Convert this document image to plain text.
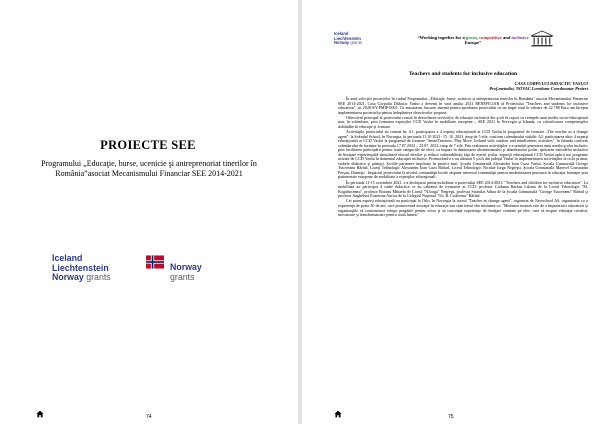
PROIECTE SEE
Programului „Educaţie, burse, ucenicie şi antreprenoriat tinerilor în România”asociat Mecanismului Financiar SEE 2014-2021
Iceland
Liechtenstein
Norway grants
Norway
grants
74
Iceland
Liechtenstein
Norway grants
“Working together for a green, competitive and inclusive
Europe”
Teachers and students for inclusive education
CASA CORPULUI DIDACTIC VASLUI
Prof.metodist, NOVAC Loredana-Coordonator Proiect

În anul selecţiei proiectelor în cadrul Programului „Educaţie, burse, ucenicie şi antreprenoriat tinerilor în România" asociat Mecanismului Financiar SEE 2014-2021, Casa Corpului Didactic Vaslui a devenit în vara anului 2021 BENEFICIAR al Proiectului "Teachers and students for inclusive education", nr. 2020-EY-PMIP-0001. Cu entuziasm, bucurie imensă pentru aprobarea proiectului cu un buget total în valoare de 22.780 Euro am început implementarea proiectului pentru îndeplinirea obiectivelor propuse.

Obiectivul principal al proiectului constă în dezvoltarea serviciilor de educaţie incluzivă din şcoli în raport cu cerinţele unui mediu socio-educaţional nou, în schimbare, prin formarea experţilor CCD Vaslui în mobilitate europene – SEE 2021 în Norvegia şi Islanda, cu valorificarea competenţelor dobândite în educaţie şi formare.

Activităţile proiectului au constat în: A1. participarea a 4 experţi educaţionali ai CCD Vaslui la programul de formare „The teacher as a change agent", la Sokndal School, în Norvegia, în perioada 11.10 2021- 15. 10. 2021, timp de 5 zile, conform calendarului stabilit; A2. participarea altor 4 experţi educaţionali ai CCD Vaslui la programul de formare "SmartTeachers. Play More, Iceland with outdoor and mindfulness activities", în Islanda conform calendarului de formare în perioada 17.07.2022 – 23.07. 2022, timp de 7 zile. Prin realizarea activităţilor s-a urmărit generarea unui mediu şcolar incluziv, prin facilitarea participării pentru toate categoriile de elevi, cu impact în diminuarea absenteismului şi abandonului şcolar, aplicarea metodelor incluzive de învăţare experienţială stimulează efortul elevilor şi reduce vulnerabilităţi faţă de eşecul şcolar, experţii educaţionali CCD Vaslui aplică noi programe avizate de CCD Vaslui în domeniul educaţiei incluzive. Promovând-o s-au alăturat 5 şcoli din judeţul Vaslui în implementarea activităţilor la ciclu primar, cadrele didactice şi părinţii. Şcolile partenere implicate în proiect sunt: Şcoala Gimnazială Alexandru Ioan Cuza Vaslui, Şcoala Gimnazială George Tutoveanu Bârlad, Liceul Tehnologic Alexandru Ioan Cuza Bârlad, Liceul Tehnologic Nicolae Iorga Negreşti, Şcoala Gimnazială Marecel Constantin Perşan, Dumeşti . Impactul proiectului la nivelul comunităţii locale răspune interesul comunităţii pentru modernizarea ţinuturea în educaţie formaţie prin parteneriate europene de mobilitate a experţilor educaţionali.

În perioada 11-15 octombrie 2021, s-a desfăşurat prima mobilitate a proiectului SEE 2014-2021: "Teachers and children for inclusive education". La mobilitate au participat 4 cadre didactice ce au calitatea de formatori ai CCD: profesor Ciobanu Rarbus Liliana de la Liceul Tehnologic "M. Kogălniceanu", profesor Rotariu Mihaela de Liceul "N.Iorga" Negreşti, profesor Strătulat Adina de la Şcoala Gimnazială "George Tutoveanu" Bârlad şi profesor Anghelută Ecaterina Aurica de la Colegiul Naţional "Gh. R. Codreanu" Bârlad.

Cei patru experţi educaţionali au participat la Oslo, în Norvegia la cursul "Teacher as change agent", organizat de Newschool AS, organizatie cu o experienţă de peste 30 de ani, care promovează inovaţia în educaţie sau cum teiese din misiunea sa: "Misiunea noastră este de a împuternici educatorii şi organizaţiile să construiască echipe pregătite pentru viitor şi să conceapă experienţe de învăţare centrate pe elev, care să inspire educaţia creativă, inovatoare şi transformatoare pentru toată lumea."

75
